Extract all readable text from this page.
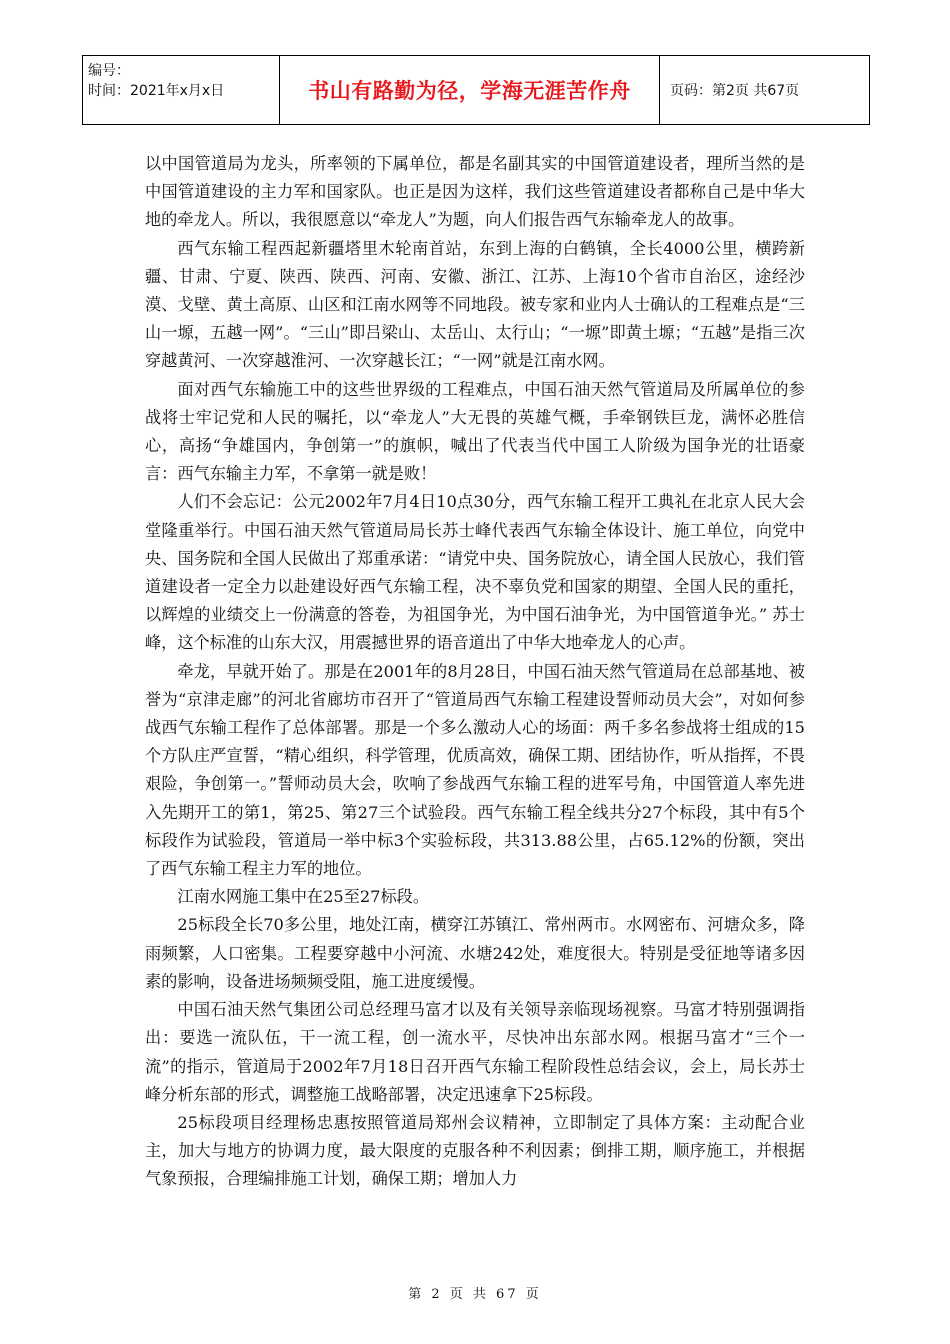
编号：
时间：2021年x月x日	书山有路勤为径，学海无涯苦作舟	页码：第2页 共67页

以中国管道局为龙头，所率领的下属单位，都是名副其实的中国管道建设者，理所当然的是中国管道建设的主力军和国家队。也正是因为这样，我们这些管道建设者都称自己是中华大地的牵龙人。所以，我很愿意以“牵龙人”为题，向人们报告西气东输牵龙人的故事。

西气东输工程西起新疆塔里木轮南首站，东到上海的白鹤镇，全长4000公里，横跨新疆、甘肃、宁夏、陕西、陕西、河南、安徽、浙江、江苏、上海10个省市自治区，途经沙漠、戈壁、黄土高原、山区和江南水网等不同地段。被专家和业内人士确认的工程难点是“三山一塬，五越一网”。“三山”即吕梁山、太岳山、太行山；“一塬”即黄土塬；“五越”是指三次穿越黄河、一次穿越淮河、一次穿越长江；“一网”就是江南水网。

面对西气东输施工中的这些世界级的工程难点，中国石油天然气管道局及所属单位的参战将士牢记党和人民的嘱托，以“牵龙人”大无畏的英雄气概，手牵钢铁巨龙，满怀必胜信心，高扬“争雄国内，争创第一”的旗帜，喊出了代表当代中国工人阶级为国争光的壮语豪言：西气东输主力军，不拿第一就是败！

人们不会忘记：公元2002年7月4日10点30分，西气东输工程开工典礼在北京人民大会堂隆重举行。中国石油天然气管道局局长苏士峰代表西气东输全体设计、施工单位，向党中央、国务院和全国人民做出了郑重承诺：“请党中央、国务院放心，请全国人民放心，我们管道建设者一定全力以赴建设好西气东输工程，决不辜负党和国家的期望、全国人民的重托，以辉煌的业绩交上一份满意的答卷，为祖国争光，为中国石油争光，为中国管道争光。” 苏士峰，这个标准的山东大汉，用震撼世界的语音道出了中华大地牵龙人的心声。

牵龙，早就开始了。那是在2001年的8月28日，中国石油天然气管道局在总部基地、被誉为“京津走廊”的河北省廊坊市召开了“管道局西气东输工程建设誓师动员大会”，对如何参战西气东输工程作了总体部署。那是一个多么激动人心的场面：两千多名参战将士组成的15个方队庄严宣誓，“精心组织，科学管理，优质高效，确保工期、团结协作，听从指挥，不畏艰险，争创第一。”誓师动员大会，吹响了参战西气东输工程的进军号角，中国管道人率先进入先期开工的第1，第25、第27三个试验段。西气东输工程全线共分27个标段，其中有5个标段作为试验段，管道局一举中标3个实验标段，共313.88公里，占65.12%的份额，突出了西气东输工程主力军的地位。

江南水网施工集中在25至27标段。

25标段全长70多公里，地处江南，横穿江苏镇江、常州两市。水网密布、河塘众多，降雨频繁，人口密集。工程要穿越中小河流、水塘242处，难度很大。特别是受征地等诸多因素的影响，设备进场频频受阻，施工进度缓慢。

中国石油天然气集团公司总经理马富才以及有关领导亲临现场视察。马富才特别强调指出：要选一流队伍，干一流工程，创一流水平，尽快冲出东部水网。根据马富才“三个一流”的指示，管道局于2002年7月18日召开西气东输工程阶段性总结会议，会上，局长苏士峰分析东部的形式，调整施工战略部署，决定迅速拿下25标段。

25标段项目经理杨忠惠按照管道局郑州会议精神，立即制定了具体方案：主动配合业主，加大与地方的协调力度，最大限度的克服各种不利因素；倒排工期，顺序施工，并根据气象预报，合理编排施工计划，确保工期；增加人力

第 2 页 共 67 页
